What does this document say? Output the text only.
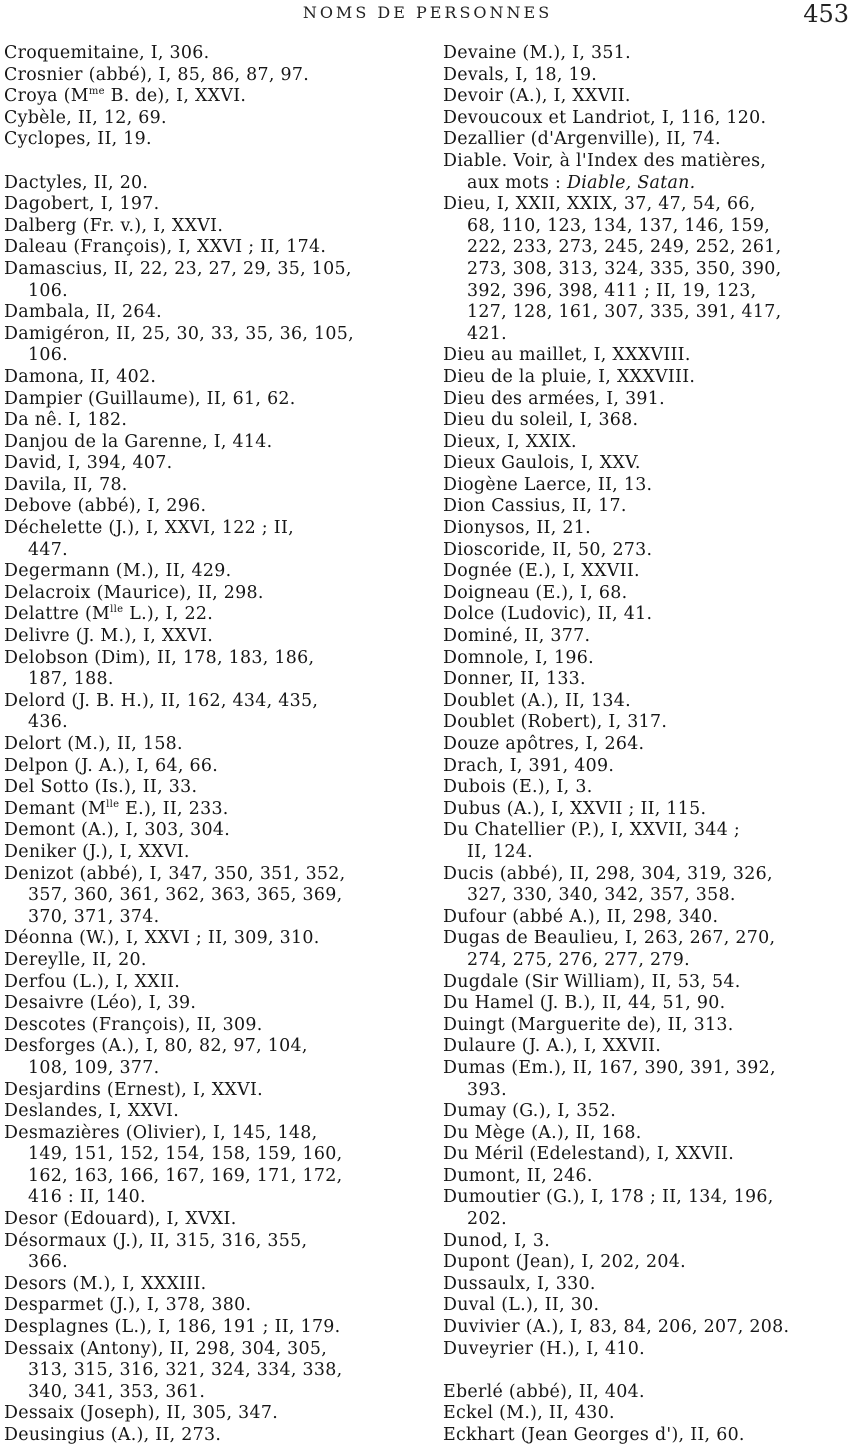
NOMS DE PERSONNES	453

Croquemitaine, I, 306.

Crosnier (abbé), I, 85, 86, 87, 97.

Croya ($M^{me}$ B. de), I, XXVI.

Cybèle, II, 12, 69.

Cyclopes, II, 19.

Dactyles, II, 20.

Dagobert, I, 197.

Dalberg (Fr. v.), I, XXVI.

Daleau (François), I, XXVI ; II, 174.

Damascius, II, 22, 23, 27, 29, 35, 105,
106.

Dambala, II, 264.

Damigéron, II, 25, 30, 33, 35, 36, 105,
106.

Damona, II, 402.

Dampier (Guillaume), II, 61, 62.

Da nê. I, 182.

Danjou de la Garenne, I, 414.

David, I, 394, 407.

Davila, II, 78.

Debove (abbé), I, 296.

Déchelette (J.), I, XXVI, 122 ; II,
447.

Degermann (M.), II, 429.

Delacroix (Maurice), II, 298.

Delattre ($M^{lle}$ L.), I, 22.

Delivre (J. M.), I, XXVI.

Delobson (Dim), II, 178, 183, 186,
187, 188.

Delord (J. B. H.), II, 162, 434, 435,
436.

Delort (M.), II, 158.

Delpon (J. A.), I, 64, 66.

Del Sotto (Is.), II, 33.

Demant ($M^{lle}$ E.), II, 233.

Demont (A.), I, 303, 304.

Deniker (J.), I, XXVI.

Denizot (abbé), I, 347, 350, 351, 352,
357, 360, 361, 362, 363, 365, 369,
370, 371, 374.

Déonna (W.), I, XXVI ; II, 309, 310.

Dereylle, II, 20.

Derfou (L.), I, XXII.

Desaivre (Léo), I, 39.

Descotes (François), II, 309.

Desforges (A.), I, 80, 82, 97, 104,
108, 109, 377.

Desjardins (Ernest), I, XXVI.

Deslandes, I, XXVI.

Desmazières (Olivier), I, 145, 148,
149, 151, 152, 154, 158, 159, 160,
162, 163, 166, 167, 169, 171, 172,
416 : II, 140.

Desor (Edouard), I, XVXI.

Désormaux (J.), II, 315, 316, 355,
366.

Desors (M.), I, XXXIII.

Desparmet (J.), I, 378, 380.

Desplagnes (L.), I, 186, 191 ; II, 179.

Dessaix (Antony), II, 298, 304, 305,
313, 315, 316, 321, 324, 334, 338,
340, 341, 353, 361.

Dessaix (Joseph), II, 305, 347.

Deusingius (A.), II, 273.

Devaine (M.), I, 351.

Devals, I, 18, 19.

Devoir (A.), I, XXVII.

Devoucoux et Landriot, I, 116, 120.

Dezallier (d'Argenville), II, 74.

Diable. Voir, à l'Index des matières,
aux mots : Diable, Satan.

Dieu, I, XXII, XXIX, 37, 47, 54, 66,
68, 110, 123, 134, 137, 146, 159,
222, 233, 273, 245, 249, 252, 261,
273, 308, 313, 324, 335, 350, 390,
392, 396, 398, 411 ; II, 19, 123,
127, 128, 161, 307, 335, 391, 417,
421.

Dieu au maillet, I, XXXVIII.

Dieu de la pluie, I, XXXVIII.

Dieu des armées, I, 391.

Dieu du soleil, I, 368.

Dieux, I, XXIX.

Dieux Gaulois, I, XXV.

Diogène Laerce, II, 13.

Dion Cassius, II, 17.

Dionysos, II, 21.

Dioscoride, II, 50, 273.

Dognée (E.), I, XXVII.

Doigneau (E.), I, 68.

Dolce (Ludovic), II, 41.

Dominé, II, 377.

Domnole, I, 196.

Donner, II, 133.

Doublet (A.), II, 134.

Doublet (Robert), I, 317.

Douze apôtres, I, 264.

Drach, I, 391, 409.

Dubois (E.), I, 3.

Dubus (A.), I, XXVII ; II, 115.

Du Chatellier (P.), I, XXVII, 344 ;
II, 124.

Ducis (abbé), II, 298, 304, 319, 326,
327, 330, 340, 342, 357, 358.

Dufour (abbé A.), II, 298, 340.

Dugas de Beaulieu, I, 263, 267, 270,
274, 275, 276, 277, 279.

Dugdale (Sir William), II, 53, 54.

Du Hamel (J. B.), II, 44, 51, 90.

Duingt (Marguerite de), II, 313.

Dulaure (J. A.), I, XXVII.

Dumas (Em.), II, 167, 390, 391, 392,
393.

Dumay (G.), I, 352.

Du Mège (A.), II, 168.

Du Méril (Edelestand), I, XXVII.

Dumont, II, 246.

Dumoutier (G.), I, 178 ; II, 134, 196,
202.

Dunod, I, 3.

Dupont (Jean), I, 202, 204.

Dussaulx, I, 330.

Duval (L.), II, 30.

Duvivier (A.), I, 83, 84, 206, 207, 208.

Duveyrier (H.), I, 410.

Eberlé (abbé), II, 404.

Eckel (M.), II, 430.

Eckhart (Jean Georges d'), II, 60.
